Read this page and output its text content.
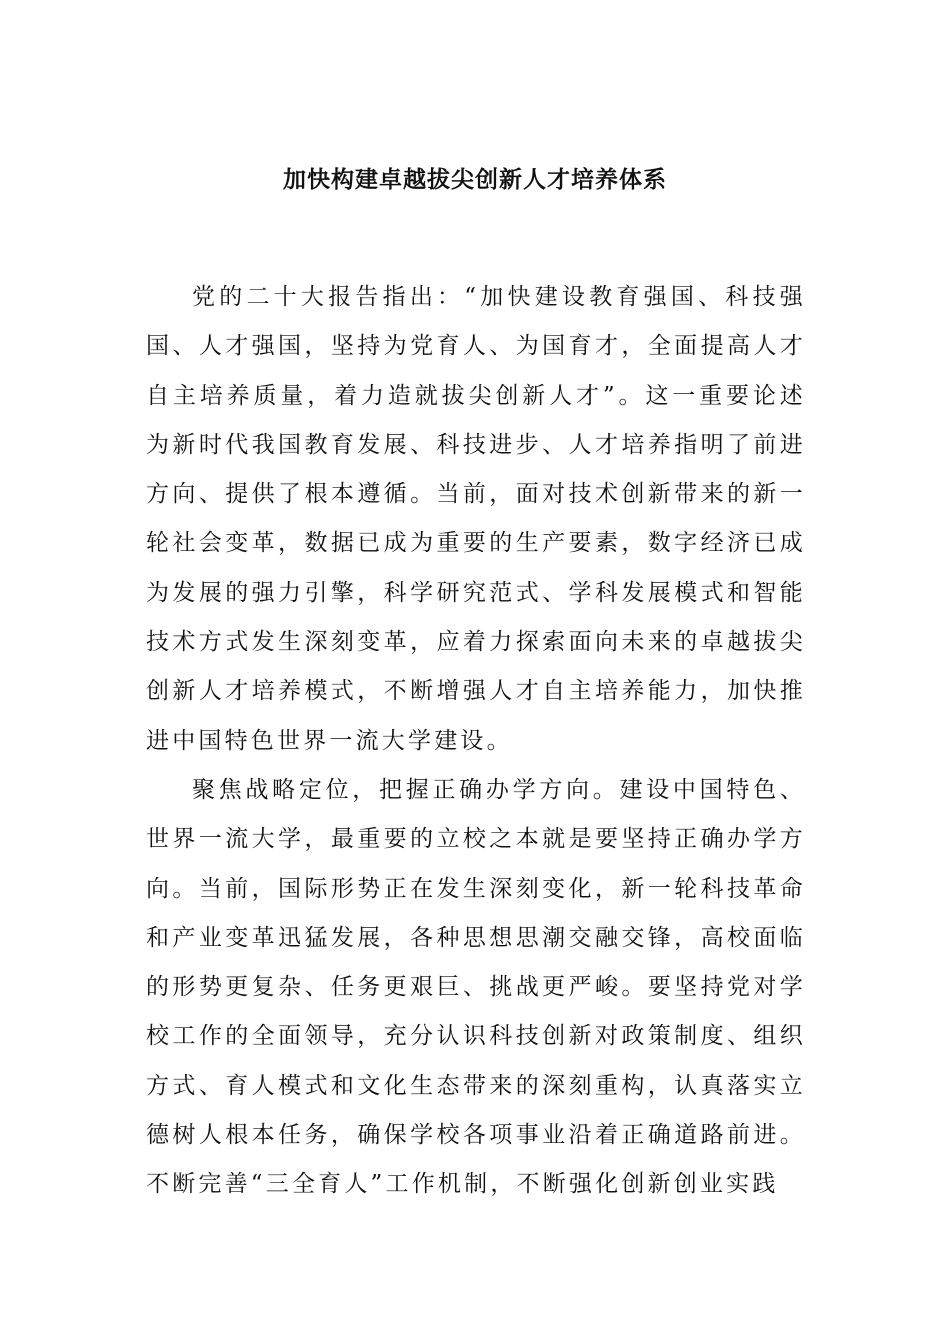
加快构建卓越拔尖创新人才培养体系

党的二十大报告指出：“加快建设教育强国、科技强国、人才强国，坚持为党育人、为国育才，全面提高人才自主培养质量，着力造就拔尖创新人才”。这一重要论述为新时代我国教育发展、科技进步、人才培养指明了前进方向、提供了根本遵循。当前，面对技术创新带来的新一轮社会变革，数据已成为重要的生产要素，数字经济已成为发展的强力引擎，科学研究范式、学科发展模式和智能技术方式发生深刻变革，应着力探索面向未来的卓越拔尖创新人才培养模式，不断增强人才自主培养能力，加快推进中国特色世界一流大学建设。

聚焦战略定位，把握正确办学方向。建设中国特色、世界一流大学，最重要的立校之本就是要坚持正确办学方向。当前，国际形势正在发生深刻变化，新一轮科技革命和产业变革迅猛发展，各种思想思潮交融交锋，高校面临的形势更复杂、任务更艰巨、挑战更严峻。要坚持党对学校工作的全面领导，充分认识科技创新对政策制度、组织方式、育人模式和文化生态带来的深刻重构，认真落实立德树人根本任务，确保学校各项事业沿着正确道路前进。不断完善“三全育人”工作机制，不断强化创新创业实践
